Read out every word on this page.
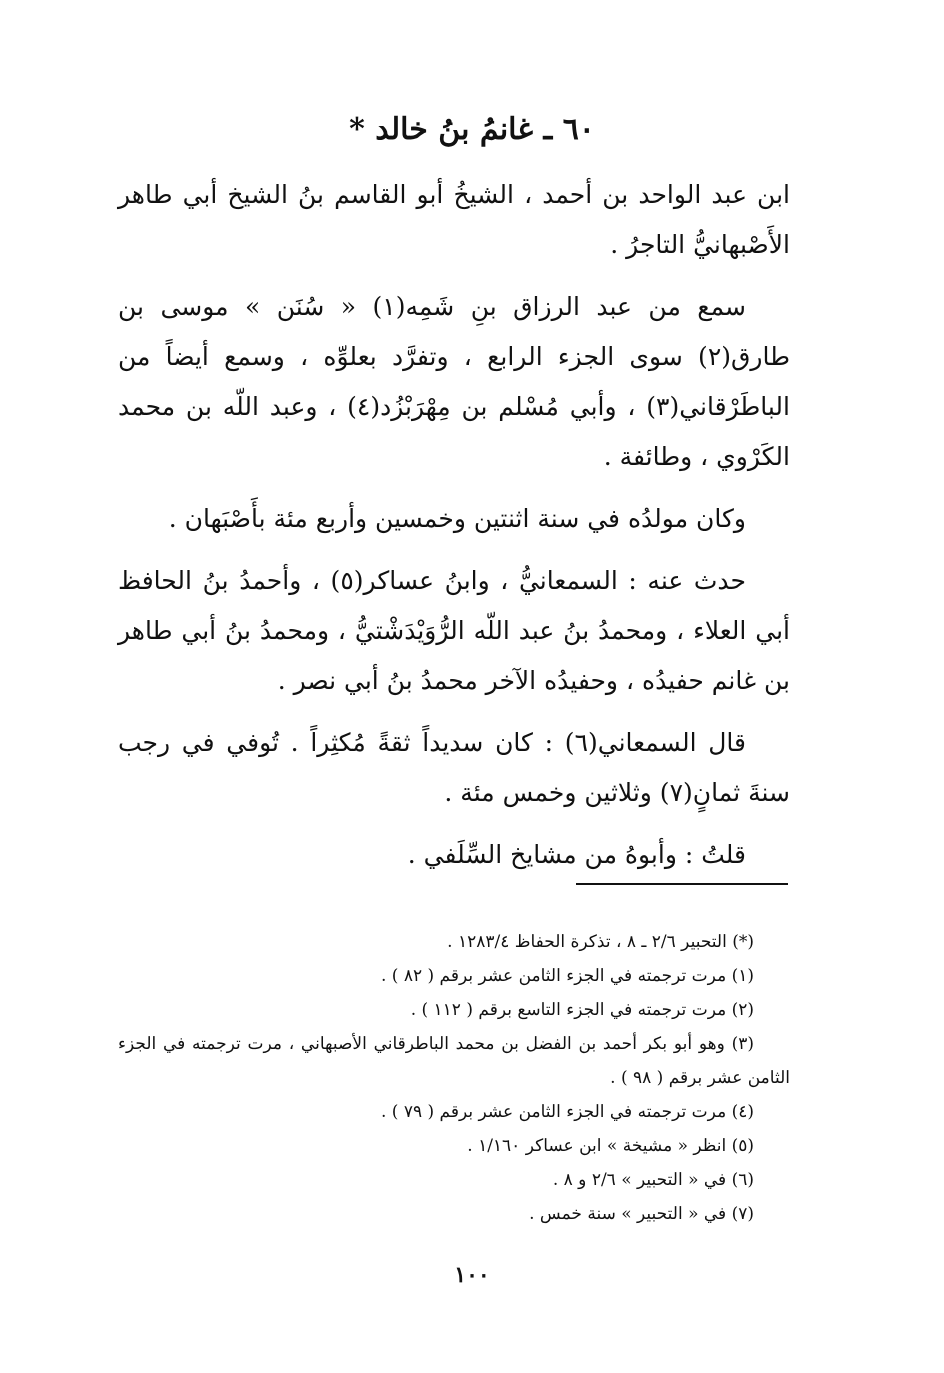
٦٠ ـ غانمُ بنُ خالد *

ابن عبد الواحد بن أحمد ، الشيخُ أبو القاسم بنُ الشيخ أبي طاهر الأَصْبهانيُّ التاجرُ .

سمع من عبد الرزاق بنِ شَمِه(١) « سُنَن » موسى بن طارق(٢) سوى الجزء الرابع ، وتفرَّد بعلوِّه ، وسمع أيضاً من الباطَرْقاني(٣) ، وأبي مُسْلم بن مِهْرَبْزُد(٤) ، وعبد اللّه بن محمد الكَرْوي ، وطائفة .

وكان مولدُه في سنة اثنتين وخمسين وأربع مئة بأَصْبَهان .

حدث عنه : السمعانيُّ ، وابنُ عساكر(٥) ، وأحمدُ بنُ الحافظ أبي العلاء ، ومحمدُ بنُ عبد اللّه الرُّوَيْدَشْتيُّ ، ومحمدُ بنُ أبي طاهر بن غانم حفيدُه ، وحفيدُه الآخر محمدُ بنُ أبي نصر .

قال السمعاني(٦) : كان سديداً ثقةً مُكثِراً . تُوفي في رجب سنةَ ثمانٍ(٧) وثلاثين وخمس مئة .

قلتُ : وأبوهُ من مشايخ السِّلَفي .

(*) التحبير ٢/٦ ـ ٨ ، تذكرة الحفاظ ١٢٨٣/٤ .

(١) مرت ترجمته في الجزء الثامن عشر برقم ( ٨٢ ) .

(٢) مرت ترجمته في الجزء التاسع برقم ( ١١٢ ) .

(٣) وهو أبو بكر أحمد بن الفضل بن محمد الباطرقاني الأصبهاني ، مرت ترجمته في الجزء الثامن عشر برقم ( ٩٨ ) .

(٤) مرت ترجمته في الجزء الثامن عشر برقم ( ٧٩ ) .

(٥) انظر « مشيخة » ابن عساكر ١/١٦٠ .

(٦) في « التحبير » ٢/٦ و ٨ .

(٧) في « التحبير » سنة خمس .

١٠٠
